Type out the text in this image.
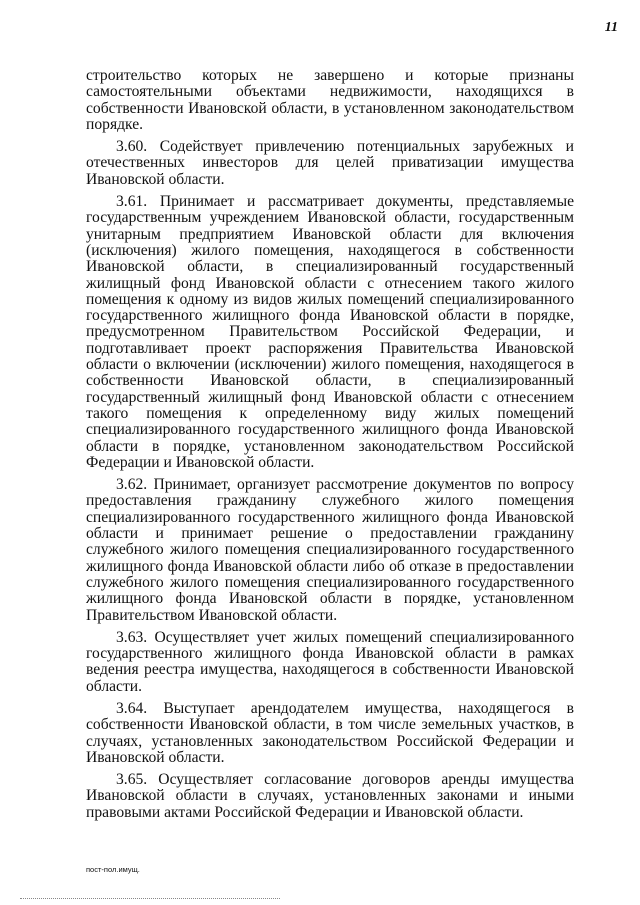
11

строительство которых не завершено и которые признаны самостоятельными объектами недвижимости, находящихся в собственности Ивановской области, в установленном законодательством порядке.

3.60. Содействует привлечению потенциальных зарубежных и отечественных инвесторов для целей приватизации имущества Ивановской области.

3.61. Принимает и рассматривает документы, представляемые государственным учреждением Ивановской области, государственным унитарным предприятием Ивановской области для включения (исключения) жилого помещения, находящегося в собственности Ивановской области, в специализированный государственный жилищный фонд Ивановской области с отнесением такого жилого помещения к одному из видов жилых помещений специализированного государственного жилищного фонда Ивановской области в порядке, предусмотренном Правительством Российской Федерации, и подготавливает проект распоряжения Правительства Ивановской области о включении (исключении) жилого помещения, находящегося в собственности Ивановской области, в специализированный государственный жилищный фонд Ивановской области с отнесением такого помещения к определенному виду жилых помещений специализированного государственного жилищного фонда Ивановской области в порядке, установленном законодательством Российской Федерации и Ивановской области.

3.62. Принимает, организует рассмотрение документов по вопросу предоставления гражданину служебного жилого помещения специализированного государственного жилищного фонда Ивановской области и принимает решение о предоставлении гражданину служебного жилого помещения специализированного государственного жилищного фонда Ивановской области либо об отказе в предоставлении служебного жилого помещения специализированного государственного жилищного фонда Ивановской области в порядке, установленном Правительством Ивановской области.

3.63. Осуществляет учет жилых помещений специализированного государственного жилищного фонда Ивановской области в рамках ведения реестра имущества, находящегося в собственности Ивановской области.

3.64. Выступает арендодателем имущества, находящегося в собственности Ивановской области, в том числе земельных участков, в случаях, установленных законодательством Российской Федерации и Ивановской области.

3.65. Осуществляет согласование договоров аренды имущества Ивановской области в случаях, установленных законами и иными правовыми актами Российской Федерации и Ивановской области.

пост-пол.имущ.
